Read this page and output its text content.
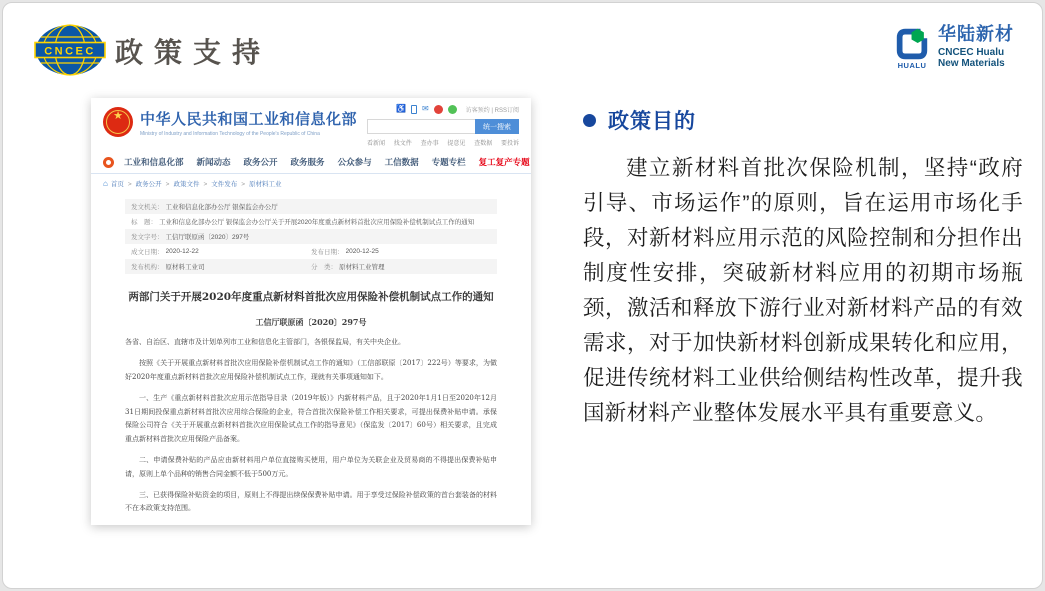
CNCEC 政策支持	HUALU
华陆新材
CNCEC Hualu
New Materials
★	中华人民共和国工业和信息化部
Ministry of Industry and Information Technology of the People's Republic of China
♿ ✉	访客预约 | RSS订阅
统一搜索
看新闻 找文件 查办事 提意见 查数据 要投诉
工业和信息化部 新闻动态 政务公开 政务服务 公众参与 工信数据 专题专栏 复工复产专题
⌂ 首页 >	政务公开 >	政策文件 >	文件发布 >	原材料工业
发文机关： 工业和信息化部办公厅 银保监会办公厅
标　题： 工业和信息化部办公厅 银保监会办公厅关于开展2020年度重点新材料首批次应用保险补偿机制试点工作的通知
发文字号： 工信厅联原函〔2020〕297号
成文日期： 2020-12-22	发布日期： 2020-12-25
发布机构： 原材料工业司	分　类： 原材料工业管理
两部门关于开展2020年度重点新材料首批次应用保险补偿机制试点工作的通知
工信厅联原函〔2020〕297号

各省、自治区、直辖市及计划单列市工业和信息化主管部门，各银保监局，有关中央企业。

按照《关于开展重点新材料首批次应用保险补偿机制试点工作的通知》（工信部联原〔2017〕222号）等要求，为做好2020年度重点新材料首批次应用保险补偿机制试点工作，现就有关事项通知如下。

一、生产《重点新材料首批次应用示范指导目录（2019年版）》内新材料产品，且于2020年1月1日至2020年12月31日期间投保重点新材料首批次应用综合保险的企业，符合首批次保险补偿工作相关要求，可提出保费补贴申请。承保保险公司符合《关于开展重点新材料首批次应用保险试点工作的指导意见》（保监发〔2017〕60号）相关要求，且完成重点新材料首批次应用保险产品备案。

二、申请保费补贴的产品应由新材料用户单位直接购买使用，用户单位为关联企业及贸易商的不得提出保费补贴申请，原则上单个品种的销售合同金额不低于500万元。

三、已获得保险补贴资金的项目，原则上不得提出续保保费补贴申请。用于享受过保险补偿政策的首台套装备的材料不在本政策支持范围。

政策目的

建立新材料首批次保险机制，坚持“政府引导、市场运作”的原则，旨在运用市场化手段，对新材料应用示范的风险控制和分担作出制度性安排，突破新材料应用的初期市场瓶颈，激活和释放下游行业对新材料产品的有效需求，对于加快新材料创新成果转化和应用，促进传统材料工业供给侧结构性改革，提升我国新材料产业整体发展水平具有重要意义。
